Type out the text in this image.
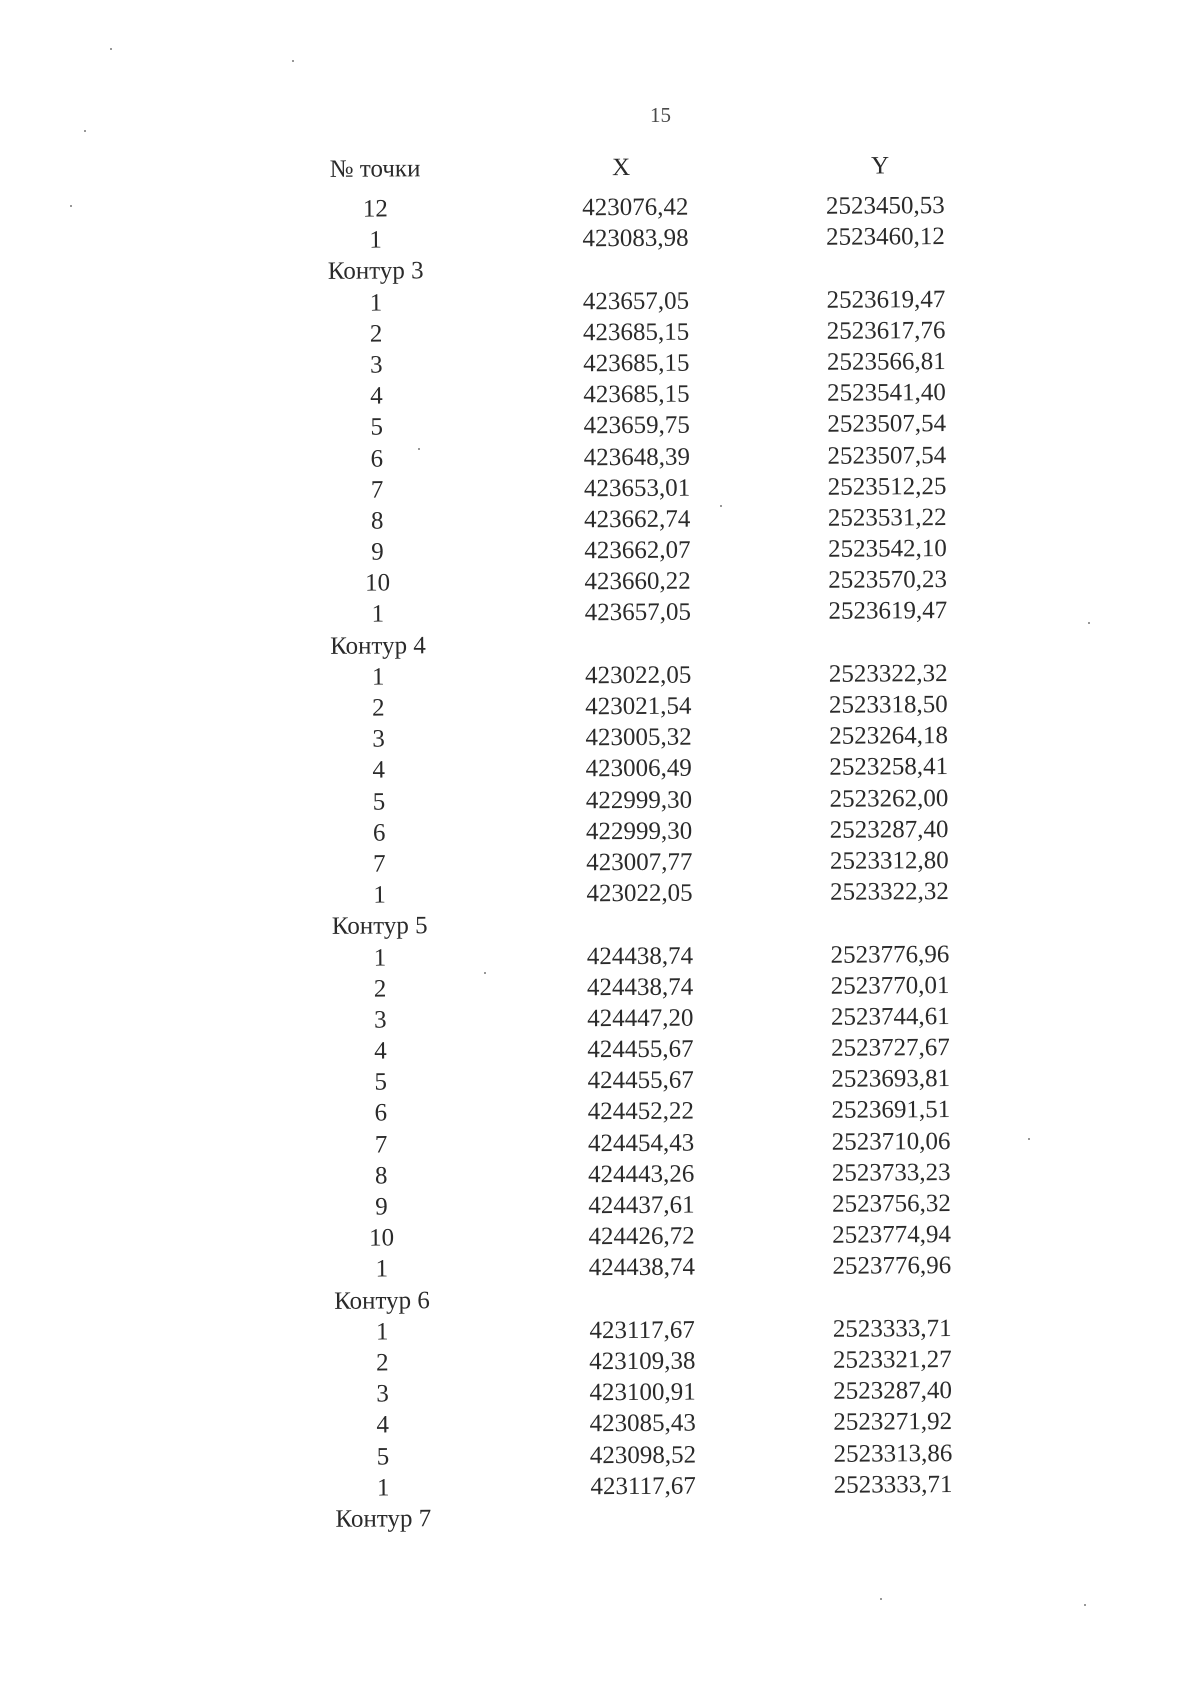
15
№ точки	X	Y
12	423076,42	2523450,53
1	423083,98	2523460,12
Контур 3
1	423657,05	2523619,47
2	423685,15	2523617,76
3	423685,15	2523566,81
4	423685,15	2523541,40
5	423659,75	2523507,54
6	423648,39	2523507,54
7	423653,01	2523512,25
8	423662,74	2523531,22
9	423662,07	2523542,10
10	423660,22	2523570,23
1	423657,05	2523619,47
Контур 4
1	423022,05	2523322,32
2	423021,54	2523318,50
3	423005,32	2523264,18
4	423006,49	2523258,41
5	422999,30	2523262,00
6	422999,30	2523287,40
7	423007,77	2523312,80
1	423022,05	2523322,32
Контур 5
1	424438,74	2523776,96
2	424438,74	2523770,01
3	424447,20	2523744,61
4	424455,67	2523727,67
5	424455,67	2523693,81
6	424452,22	2523691,51
7	424454,43	2523710,06
8	424443,26	2523733,23
9	424437,61	2523756,32
10	424426,72	2523774,94
1	424438,74	2523776,96
Контур 6
1	423117,67	2523333,71
2	423109,38	2523321,27
3	423100,91	2523287,40
4	423085,43	2523271,92
5	423098,52	2523313,86
1	423117,67	2523333,71
Контур 7
